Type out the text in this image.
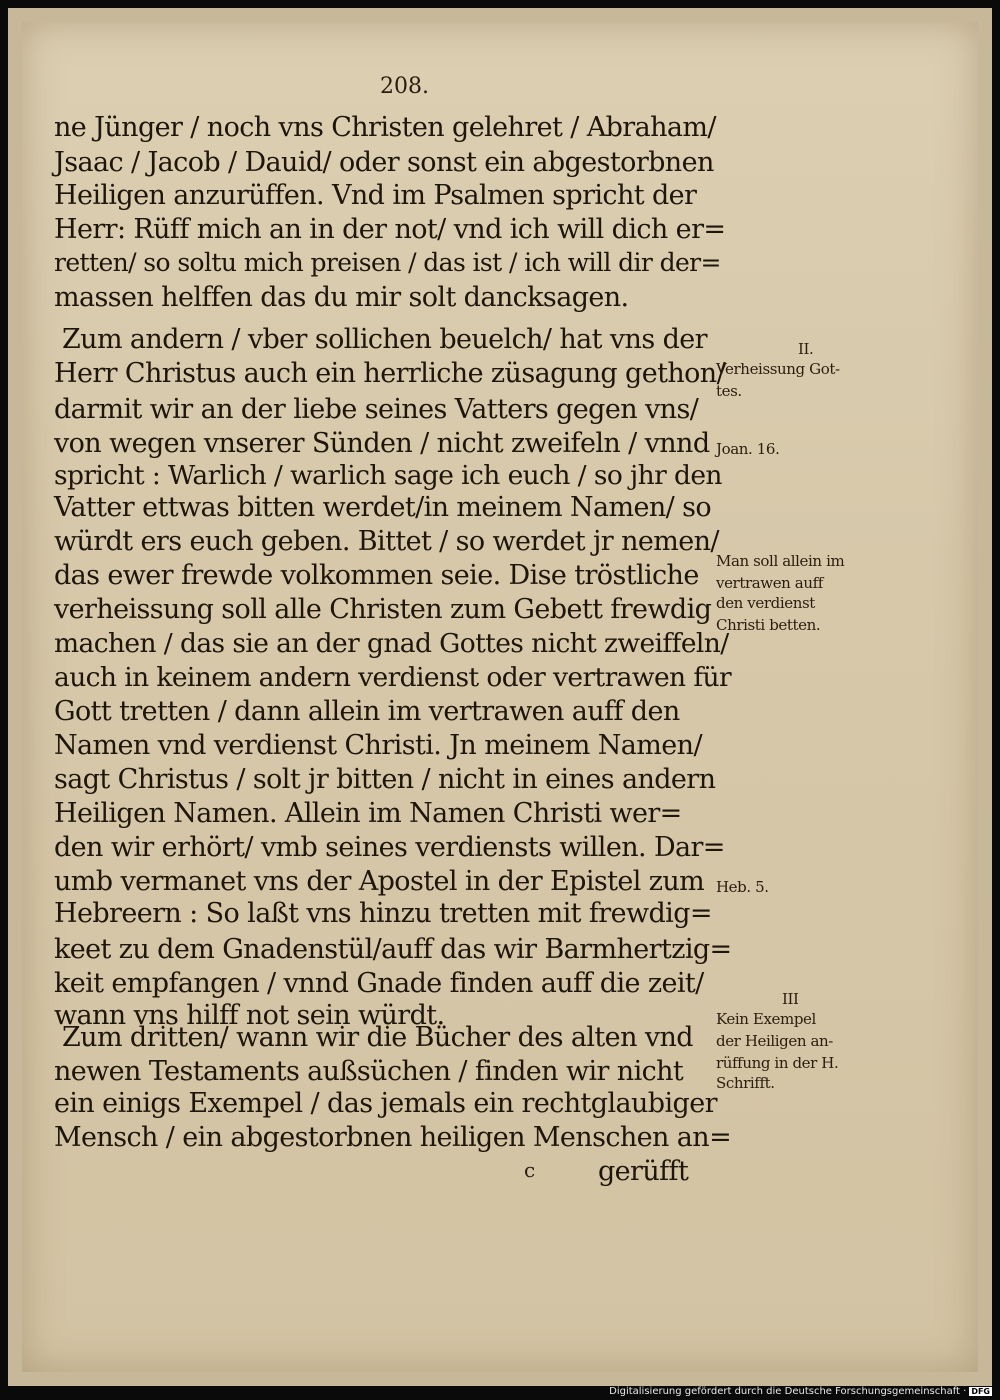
208.
ne Jünger / noch vns Christen gelehret / Abraham/
Jsaac / Jacob / Dauid/ oder sonst ein abgestorbnen
Heiligen anzurüffen. Vnd im Psalmen spricht der
Herr: Rüff mich an in der not/ vnd ich will dich er=
retten/ so soltu mich preisen / das ist / ich will dir der=
massen helffen das du mir solt dancksagen.
Zum andern / vber sollichen beuelch/ hat vns der
Herr Christus auch ein herrliche züsagung gethon/
darmit wir an der liebe seines Vatters gegen vns/
von wegen vnserer Sünden / nicht zweifeln / vnnd
spricht : Warlich / warlich sage ich euch / so jhr den
Vatter ettwas bitten werdet/in meinem Namen/ so
würdt ers euch geben. Bittet / so werdet jr nemen/
das ewer frewde volkommen seie. Dise tröstliche
verheissung soll alle Christen zum Gebett frewdig
machen / das sie an der gnad Gottes nicht zweiffeln/
auch in keinem andern verdienst oder vertrawen für
Gott tretten / dann allein im vertrawen auff den
Namen vnd verdienst Christi. Jn meinem Namen/
sagt Christus / solt jr bitten / nicht in eines andern
Heiligen Namen. Allein im Namen Christi wer=
den wir erhört/ vmb seines verdiensts willen. Dar=
umb vermanet vns der Apostel in der Epistel zum
Hebreern : So laßt vns hinzu tretten mit frewdig=
keet zu dem Gnadenstül/auff das wir Barmhertzig=
keit empfangen / vnnd Gnade finden auff die zeit/
wann vns hilff not sein würdt.
Zum dritten/ wann wir die Bücher des alten vnd
newen Testaments außsüchen / finden wir nicht
ein einigs Exempel / das jemals ein rechtglaubiger
Mensch / ein abgestorbnen heiligen Menschen an=
gerüfft
II.
Verheissung Got-
tes.
Joan. 16.
Man soll allein im
vertrawen auff
den verdienst
Christi betten.
Heb. 5.
III
Kein Exempel
der Heiligen an-
rüffung in der H.
Schrifft.
c
Digitalisierung gefördert durch die Deutsche Forschungsgemeinschaft · DFG
